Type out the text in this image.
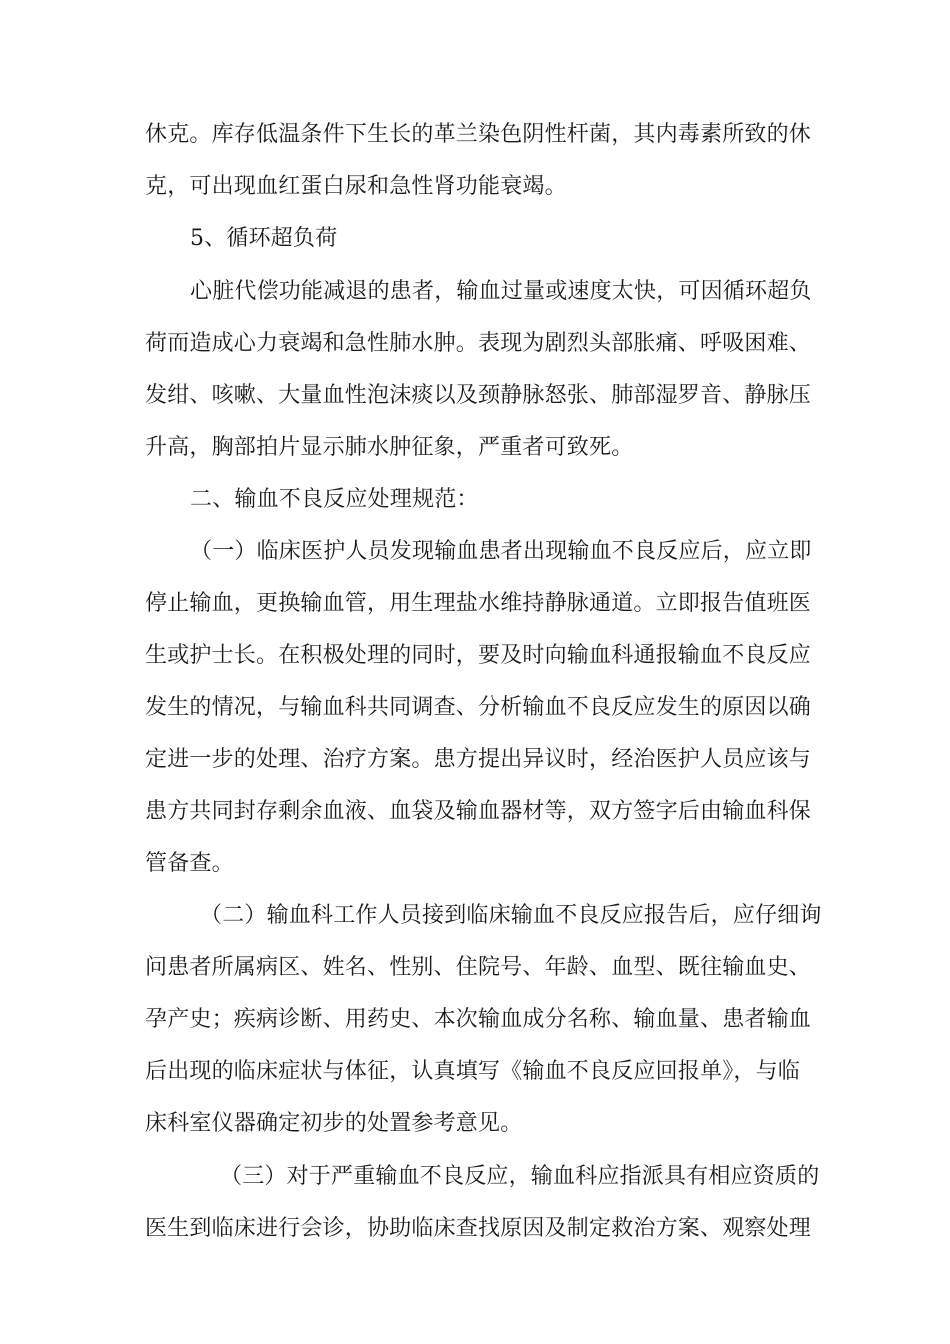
休克。库存低温条件下生长的革兰染色阴性杆菌，其内毒素所致的休
克，可出现血红蛋白尿和急性肾功能衰竭。
5、循环超负荷
心脏代偿功能减退的患者，输血过量或速度太快，可因循环超负
荷而造成心力衰竭和急性肺水肿。表现为剧烈头部胀痛、呼吸困难、
发绀、咳嗽、大量血性泡沫痰以及颈静脉怒张、肺部湿罗音、静脉压
升高，胸部拍片显示肺水肿征象，严重者可致死。
二、输血不良反应处理规范：
（一）临床医护人员发现输血患者出现输血不良反应后，应立即
停止输血，更换输血管，用生理盐水维持静脉通道。立即报告值班医
生或护士长。在积极处理的同时，要及时向输血科通报输血不良反应
发生的情况，与输血科共同调查、分析输血不良反应发生的原因以确
定进一步的处理、治疗方案。患方提出异议时，经治医护人员应该与
患方共同封存剩余血液、血袋及输血器材等，双方签字后由输血科保
管备查。
（二）输血科工作人员接到临床输血不良反应报告后，应仔细询
问患者所属病区、姓名、性别、住院号、年龄、血型、既往输血史、
孕产史；疾病诊断、用药史、本次输血成分名称、输血量、患者输血
后出现的临床症状与体征，认真填写《输血不良反应回报单》，与临
床科室仪器确定初步的处置参考意见。
（三）对于严重输血不良反应，输血科应指派具有相应资质的
医生到临床进行会诊，协助临床查找原因及制定救治方案、观察处理
